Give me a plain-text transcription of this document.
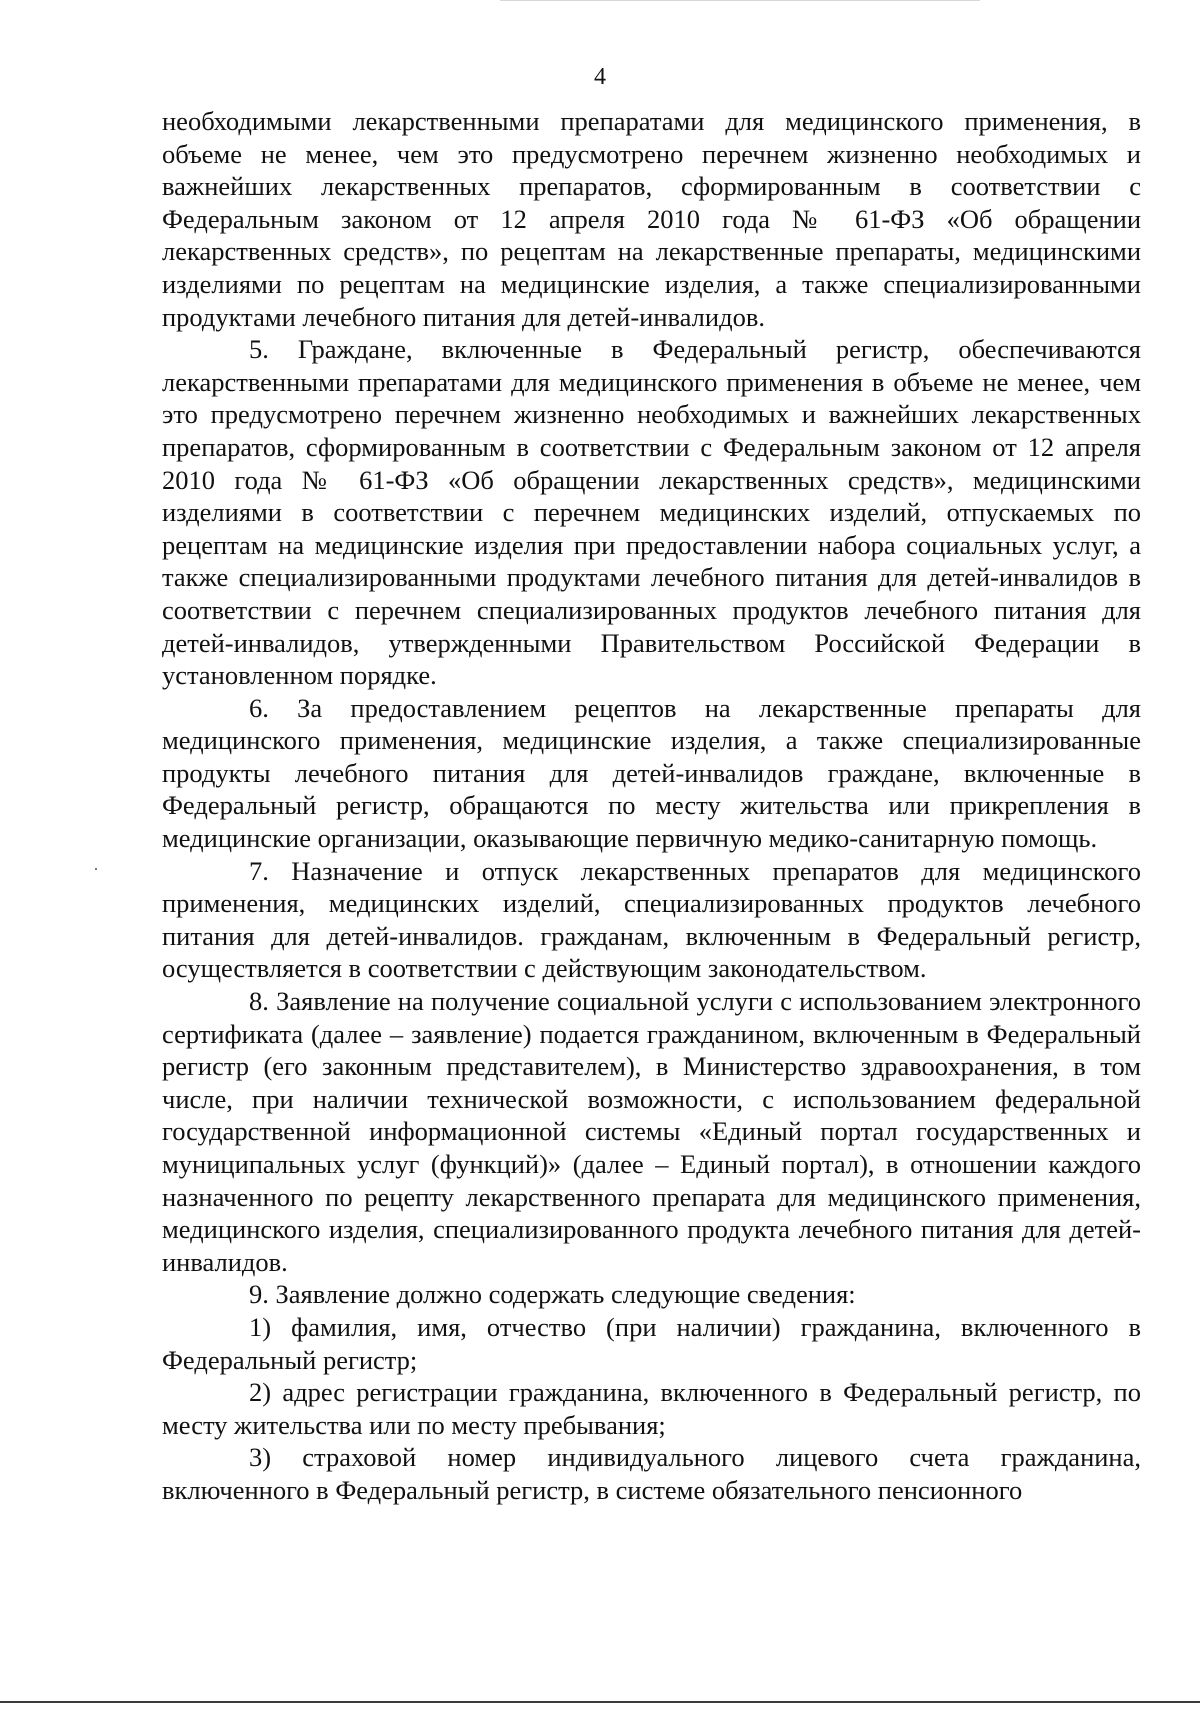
4

необходимыми лекарственными препаратами для медицинского применения, в объеме не менее, чем это предусмотрено перечнем жизненно необходимых и важнейших лекарственных препаратов, сформированным в соответствии с Федеральным законом от 12 апреля 2010 года № 61-ФЗ «Об обращении лекарственных средств», по рецептам на лекарственные препараты, медицинскими изделиями по рецептам на медицинские изделия, а также специализированными продуктами лечебного питания для детей-инвалидов.

5. Граждане, включенные в Федеральный регистр, обеспечиваются лекарственными препаратами для медицинского применения в объеме не менее, чем это предусмотрено перечнем жизненно необходимых и важнейших лекарственных препаратов, сформированным в соответствии с Федеральным законом от 12 апреля 2010 года № 61-ФЗ «Об обращении лекарственных средств», медицинскими изделиями в соответствии с перечнем медицинских изделий, отпускаемых по рецептам на медицинские изделия при предоставлении набора социальных услуг, а также специализированными продуктами лечебного питания для детей-инвалидов в соответствии с перечнем специализированных продуктов лечебного питания для детей-инвалидов, утвержденными Правительством Российской Федерации в установленном порядке.

6. За предоставлением рецептов на лекарственные препараты для медицинского применения, медицинские изделия, а также специализированные продукты лечебного питания для детей-инвалидов граждане, включенные в Федеральный регистр, обращаются по месту жительства или прикрепления в медицинские организации, оказывающие первичную медико-санитарную помощь.

7. Назначение и отпуск лекарственных препаратов для медицинского применения, медицинских изделий, специализированных продуктов лечебного питания для детей-инвалидов. гражданам, включенным в Федеральный регистр, осуществляется в соответствии с действующим законодательством.

8. Заявление на получение социальной услуги с использованием электронного сертификата (далее – заявление) подается гражданином, включенным в Федеральный регистр (его законным представителем), в Министерство здравоохранения, в том числе, при наличии технической возможности, с использованием федеральной государственной информационной системы «Единый портал государственных и муниципальных услуг (функций)» (далее – Единый портал), в отношении каждого назначенного по рецепту лекарственного препарата для медицинского применения, медицинского изделия, специализированного продукта лечебного питания для детей-инвалидов.

9. Заявление должно содержать следующие сведения:

1) фамилия, имя, отчество (при наличии) гражданина, включенного в Федеральный регистр;

2) адрес регистрации гражданина, включенного в Федеральный регистр, по месту жительства или по месту пребывания;

3) страховой номер индивидуального лицевого счета гражданина, включенного в Федеральный регистр, в системе обязательного пенсионного
